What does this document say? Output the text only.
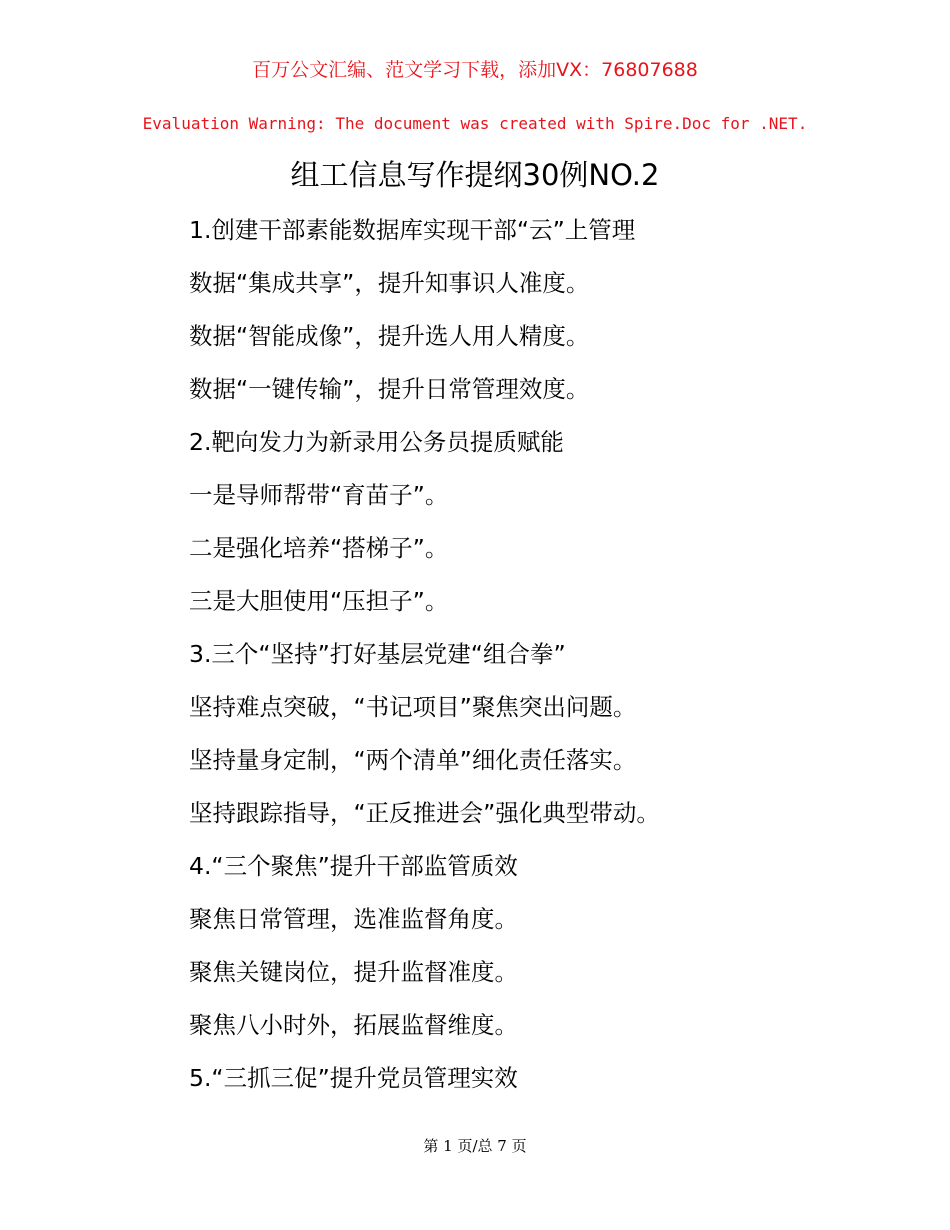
百万公文汇编、范文学习下载，添加VX：76807688
Evaluation Warning: The document was created with Spire.Doc for .NET.
组工信息写作提纲30例NO.2

1.创建干部素能数据库实现干部“云”上管理

数据“集成共享”，提升知事识人准度。

数据“智能成像”，提升选人用人精度。

数据“一键传输”，提升日常管理效度。

2.靶向发力为新录用公务员提质赋能

一是导师帮带“育苗子”。

二是强化培养“搭梯子”。

三是大胆使用“压担子”。

3.三个“坚持”打好基层党建“组合拳”

坚持难点突破，“书记项目”聚焦突出问题。

坚持量身定制，“两个清单”细化责任落实。

坚持跟踪指导，“正反推进会”强化典型带动。

4.“三个聚焦”提升干部监管质效

聚焦日常管理，选准监督角度。

聚焦关键岗位，提升监督准度。

聚焦八小时外，拓展监督维度。

5.“三抓三促”提升党员管理实效

第 1 页/总 7 页
